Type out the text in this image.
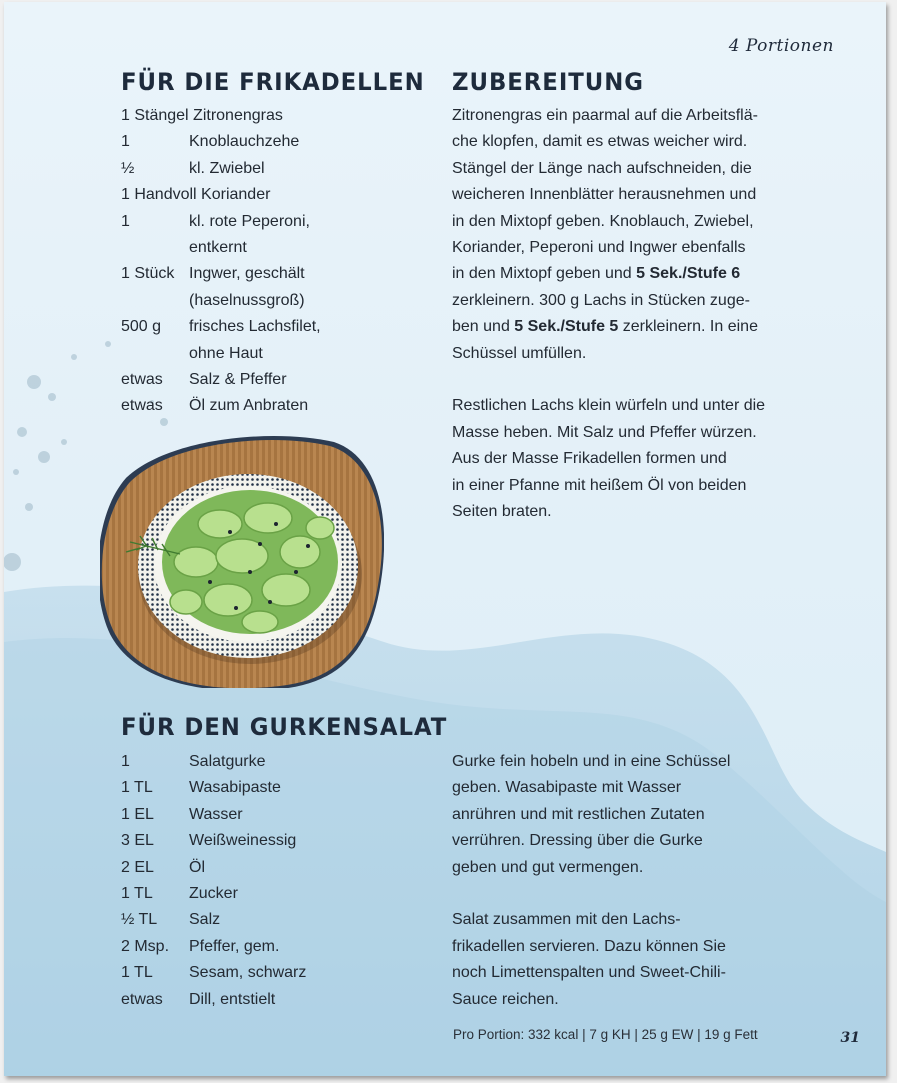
4 Portionen
FÜR DIE FRIKADELLEN ZUBEREITUNG
1 Stängel Zitronengras
1	Knoblauchzehe
½	kl. Zwiebel
1 Handvoll Koriander
1	kl. rote Peperoni,
entkernt
1 Stück Ingwer, geschält
(haselnussgroß)
500 g	frisches Lachsfilet,
ohne Haut
etwas	Salz & Pfeffer
etwas	Öl zum Anbraten

Zitronengras ein paarmal auf die Arbeitsflä-
che klopfen, damit es etwas weicher wird.
Stängel der Länge nach aufschneiden, die
weicheren Innenblätter herausnehmen und
in den Mixtopf geben. Knoblauch, Zwiebel,
Koriander, Peperoni und Ingwer ebenfalls
in den Mixtopf geben und 5 Sek./Stufe 6
zerkleinern. 300 g Lachs in Stücken zuge-
ben und 5 Sek./Stufe 5 zerkleinern. In eine
Schüssel umfüllen.

Restlichen Lachs klein würfeln und unter die
Masse heben. Mit Salz und Pfeffer würzen.
Aus der Masse Frikadellen formen und
in einer Pfanne mit heißem Öl von beiden
Seiten braten.

FÜR DEN GURKENSALAT
1	Salatgurke
1 TL	Wasabipaste
1 EL	Wasser
3 EL	Weißweinessig
2 EL	Öl
1 TL	Zucker
½ TL	Salz
2 Msp.	Pfeffer, gem.
1 TL	Sesam, schwarz
etwas	Dill, entstielt

Gurke fein hobeln und in eine Schüssel
geben. Wasabipaste mit Wasser
anrühren und mit restlichen Zutaten
verrühren. Dressing über die Gurke
geben und gut vermengen.

Salat zusammen mit den Lachs-
frikadellen servieren. Dazu können Sie
noch Limettenspalten und Sweet-Chili-
Sauce reichen.

Pro Portion: 332 kcal | 7 g KH | 25 g EW | 19 g Fett	31
